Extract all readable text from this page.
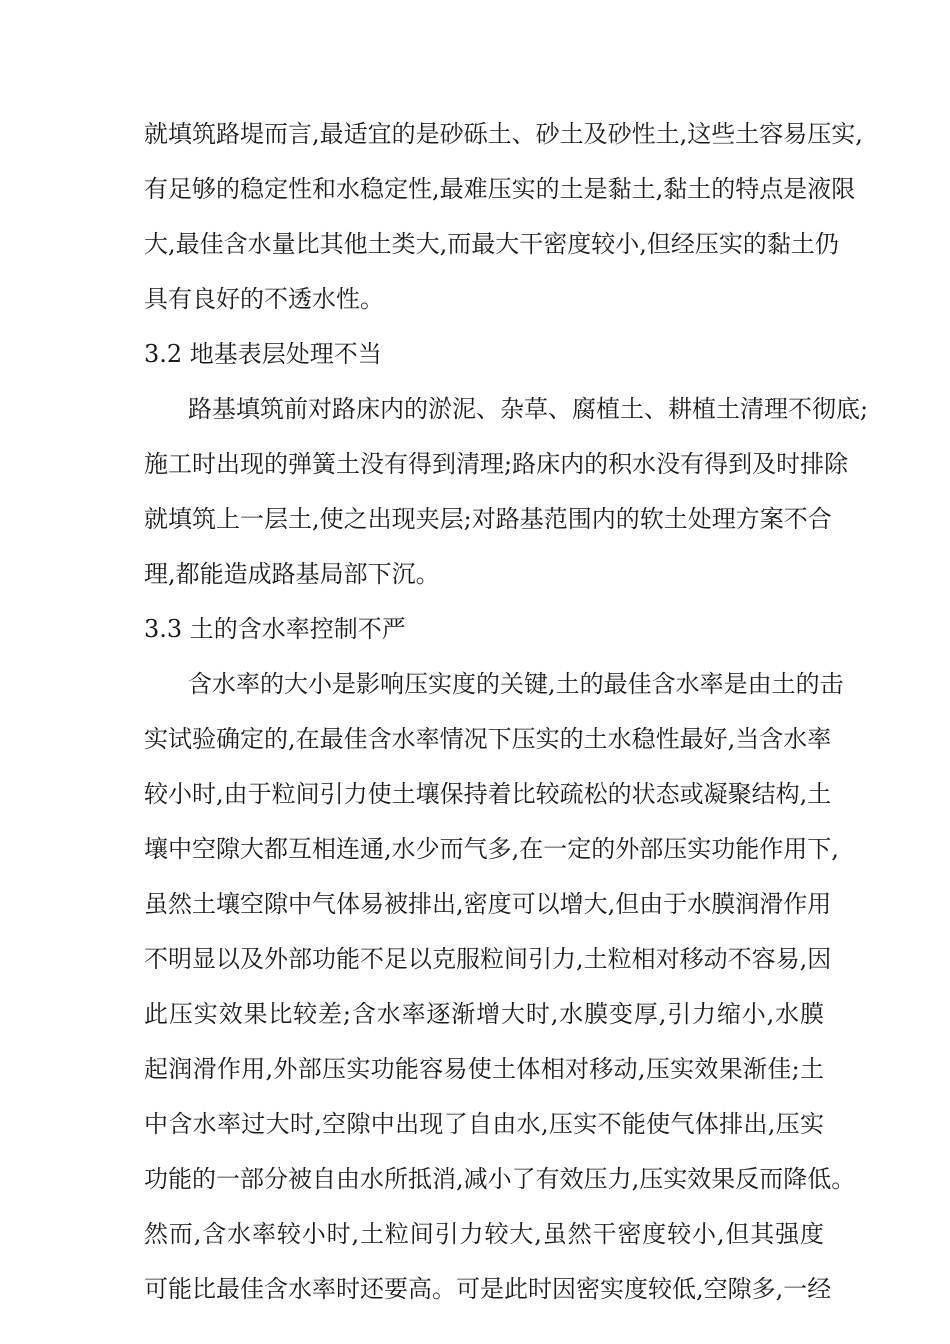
就填筑路堤而言,最适宜的是砂砾土、砂土及砂性土,这些土容易压实,
有足够的稳定性和水稳定性,最难压实的土是黏土,黏土的特点是液限
大,最佳含水量比其他土类大,而最大干密度较小,但经压实的黏土仍
具有良好的不透水性。
3.2 地基表层处理不当
路基填筑前对路床内的淤泥、杂草、腐植土、耕植土清理不彻底;
施工时出现的弹簧土没有得到清理;路床内的积水没有得到及时排除
就填筑上一层土,使之出现夹层;对路基范围内的软土处理方案不合
理,都能造成路基局部下沉。
3.3 土的含水率控制不严
含水率的大小是影响压实度的关键,土的最佳含水率是由土的击
实试验确定的,在最佳含水率情况下压实的土水稳性最好,当含水率
较小时,由于粒间引力使土壤保持着比较疏松的状态或凝聚结构,土
壤中空隙大都互相连通,水少而气多,在一定的外部压实功能作用下,
虽然土壤空隙中气体易被排出,密度可以增大,但由于水膜润滑作用
不明显以及外部功能不足以克服粒间引力,土粒相对移动不容易,因
此压实效果比较差;含水率逐渐增大时,水膜变厚,引力缩小,水膜
起润滑作用,外部压实功能容易使土体相对移动,压实效果渐佳;土
中含水率过大时,空隙中出现了自由水,压实不能使气体排出,压实
功能的一部分被自由水所抵消,减小了有效压力,压实效果反而降低。
然而,含水率较小时,土粒间引力较大,虽然干密度较小,但其强度
可能比最佳含水率时还要高。可是此时因密实度较低,空隙多,一经
